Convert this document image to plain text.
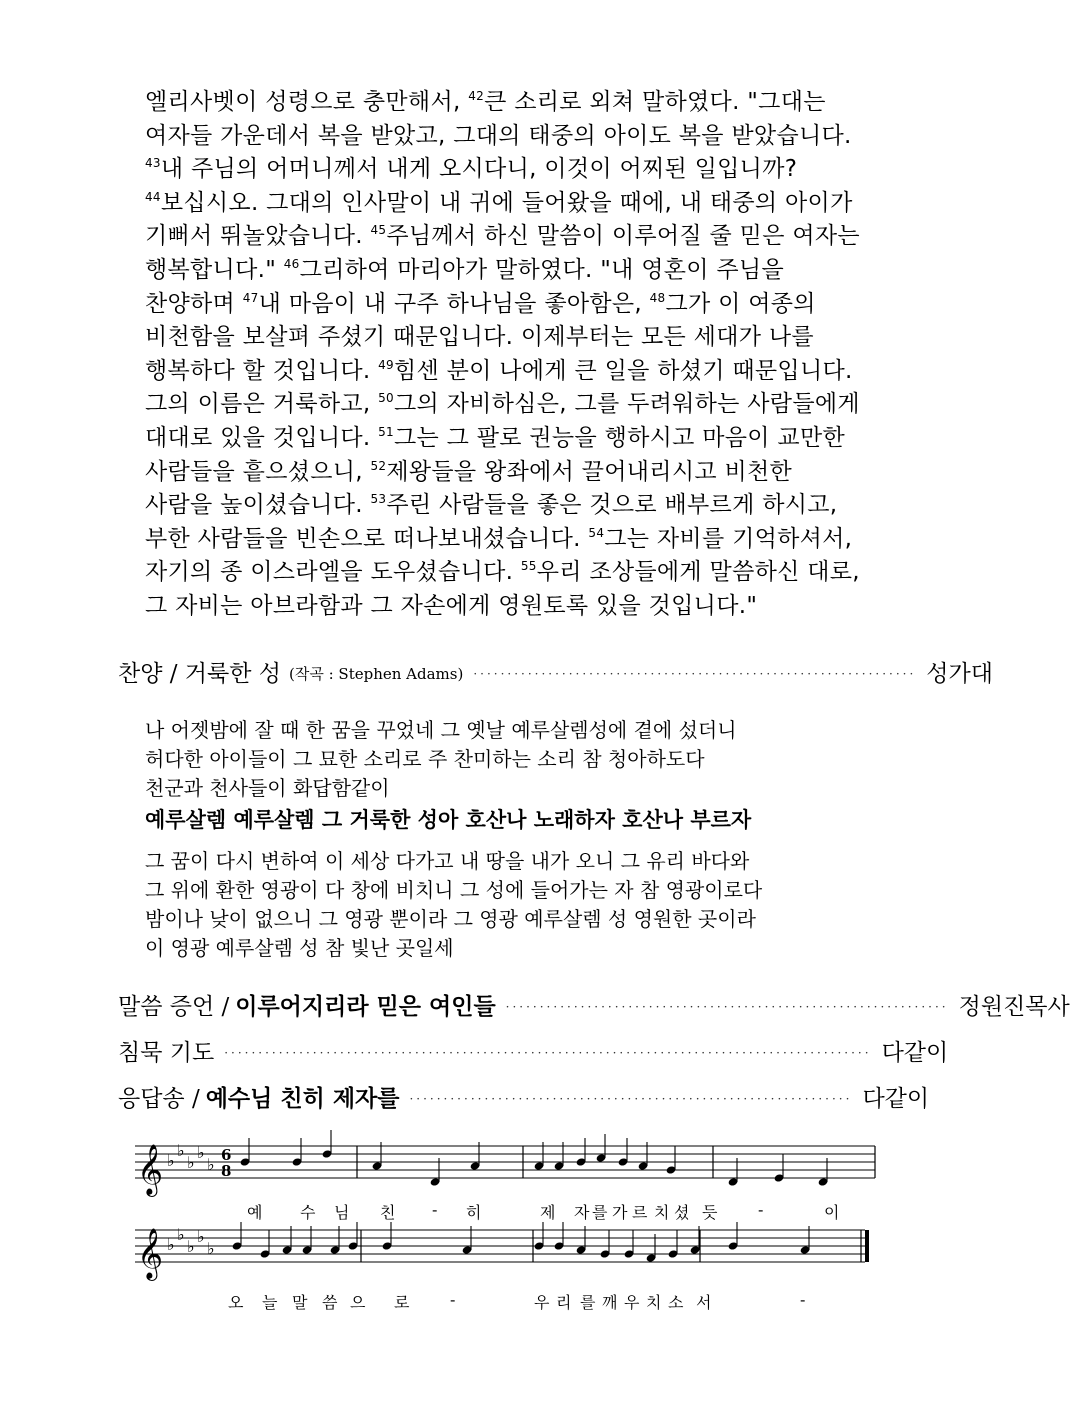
엘리사벳이 성령으로 충만해서, $^{42}$큰 소리로 외쳐 말하였다. "그대는
여자들 가운데서 복을 받았고, 그대의 태중의 아이도 복을 받았습니다.
$^{43}$내 주님의 어머니께서 내게 오시다니, 이것이 어찌된 일입니까?
$^{44}$보십시오. 그대의 인사말이 내 귀에 들어왔을 때에, 내 태중의 아이가
기뻐서 뛰놀았습니다. $^{45}$주님께서 하신 말씀이 이루어질 줄 믿은 여자는
행복합니다." $^{46}$그리하여 마리아가 말하였다. "내 영혼이 주님을
찬양하며 $^{47}$내 마음이 내 구주 하나님을 좋아함은, $^{48}$그가 이 여종의
비천함을 보살펴 주셨기 때문입니다. 이제부터는 모든 세대가 나를
행복하다 할 것입니다. $^{49}$힘센 분이 나에게 큰 일을 하셨기 때문입니다.
그의 이름은 거룩하고, $^{50}$그의 자비하심은, 그를 두려워하는 사람들에게
대대로 있을 것입니다. $^{51}$그는 그 팔로 권능을 행하시고 마음이 교만한
사람들을 흩으셨으니, $^{52}$제왕들을 왕좌에서 끌어내리시고 비천한
사람을 높이셨습니다. $^{53}$주린 사람들을 좋은 것으로 배부르게 하시고,
부한 사람들을 빈손으로 떠나보내셨습니다. $^{54}$그는 자비를 기억하셔서,
자기의 종 이스라엘을 도우셨습니다. $^{55}$우리 조상들에게 말씀하신 대로,
그 자비는 아브라함과 그 자손에게 영원토록 있을 것입니다."
찬양 / 거룩한 성 (작곡 : Stephen Adams) ································································· 성 가 대
나 어젯밤에 잘 때 한 꿈을 꾸었네 그 옛날 예루살렘성에 곁에 섰더니
허다한 아이들이 그 묘한 소리로 주 찬미하는 소리 참 청아하도다
천군과 천사들이 화답함같이
예루살렘 예루살렘 그 거룩한 성아 호산나 노래하자 호산나 부르자
그 꿈이 다시 변하여 이 세상 다가고 내 땅을 내가 오니 그 유리 바다와
그 위에 환한 영광이 다 창에 비치니 그 성에 들어가는 자 참 영광이로다
밤이나 낮이 없으니 그 영광 뿐이라 그 영광 예루살렘 성 영원한 곳이라
이 영광 예루살렘 성 참 빛난 곳일세
말씀 증언 / 이루어지리라 믿은 여인들 ································································· 정 원 진 목 사
침묵 기도 ······························································································· 다 같 이
응답송 / 예수님 친히 제자를 ································································· 다 같 이
𝄞
𝄞
♭
♭
♭
♭
♭
♭
♭
♭
♭
♭
6
8
예 수 님 친 - 히	제 자 를 가 르 치 셨 듯	-	이
오 늘 말 씀 으 로	-	우 리 를 깨 우 치 소 서	-
